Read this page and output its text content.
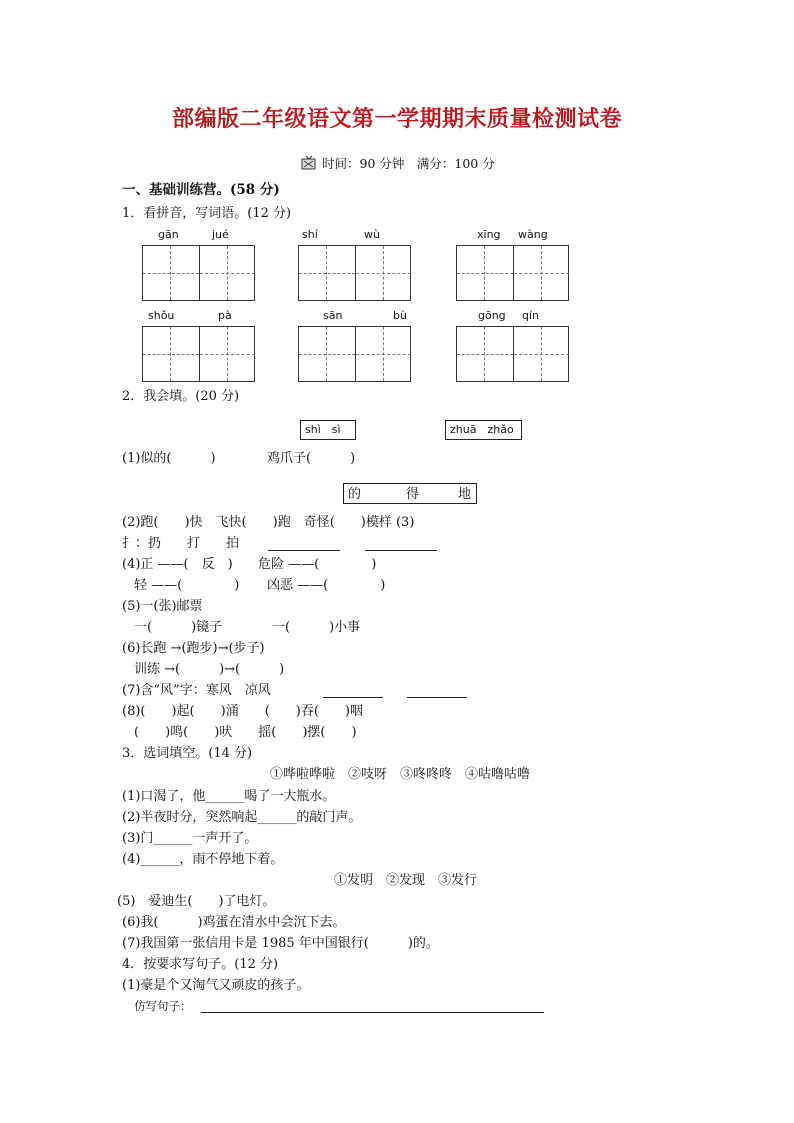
部编版二年级语文第一学期期末质量检测试卷
时间：90 分钟　满分：100 分
一、基础训练营。(58 分)
1．看拼音，写词语。(12 分)
gān	jué	shí	wù	xīng wàng
shǒu	pà	sān	bù	gōng qín
2．我会填。(20 分)
shì　sì	zhuā　zhǎo
(1)似的(　　　)	鸡爪子(　　　)
的	得	地
(2)跑(　　)快　飞快(　　)跑　奇怪(　　)模样 (3)
扌：扔　　打　　拍
(4)正 ——(　反　) 危险 ——(　　　　)
轻 ——(　　　　) 凶恶 ——(　　　　)
(5)一(张)邮票
一(　　　)镜子	一(　　　)小事
(6)长跑 →(跑步)→(步子)
训练 →(　　　)→(　　　)
(7)含“风”字：寒风　凉风
(8)(　　)起(　　)涌　　(　　)吞(　　)咽
(　　)鸣(　　)吠　　摇(　　)摆(　　)
3．选词填空。(14 分)
①哗啦哗啦　②吱呀　③咚咚咚　④咕噜咕噜
(1)口渴了，他______喝了一大瓶水。
(2)半夜时分，突然响起______的敲门声。
(3)门______一声开了。
(4)______，雨不停地下着。
①发明　②发现　③发行
(5)　爱迪生(　　)了电灯。
(6)我(　　　)鸡蛋在清水中会沉下去。
(7)我国第一张信用卡是 1985 年中国银行(　　　)的。
4．按要求写句子。(12 分)
(1)豪是个又淘气又顽皮的孩子。
仿写句子：
